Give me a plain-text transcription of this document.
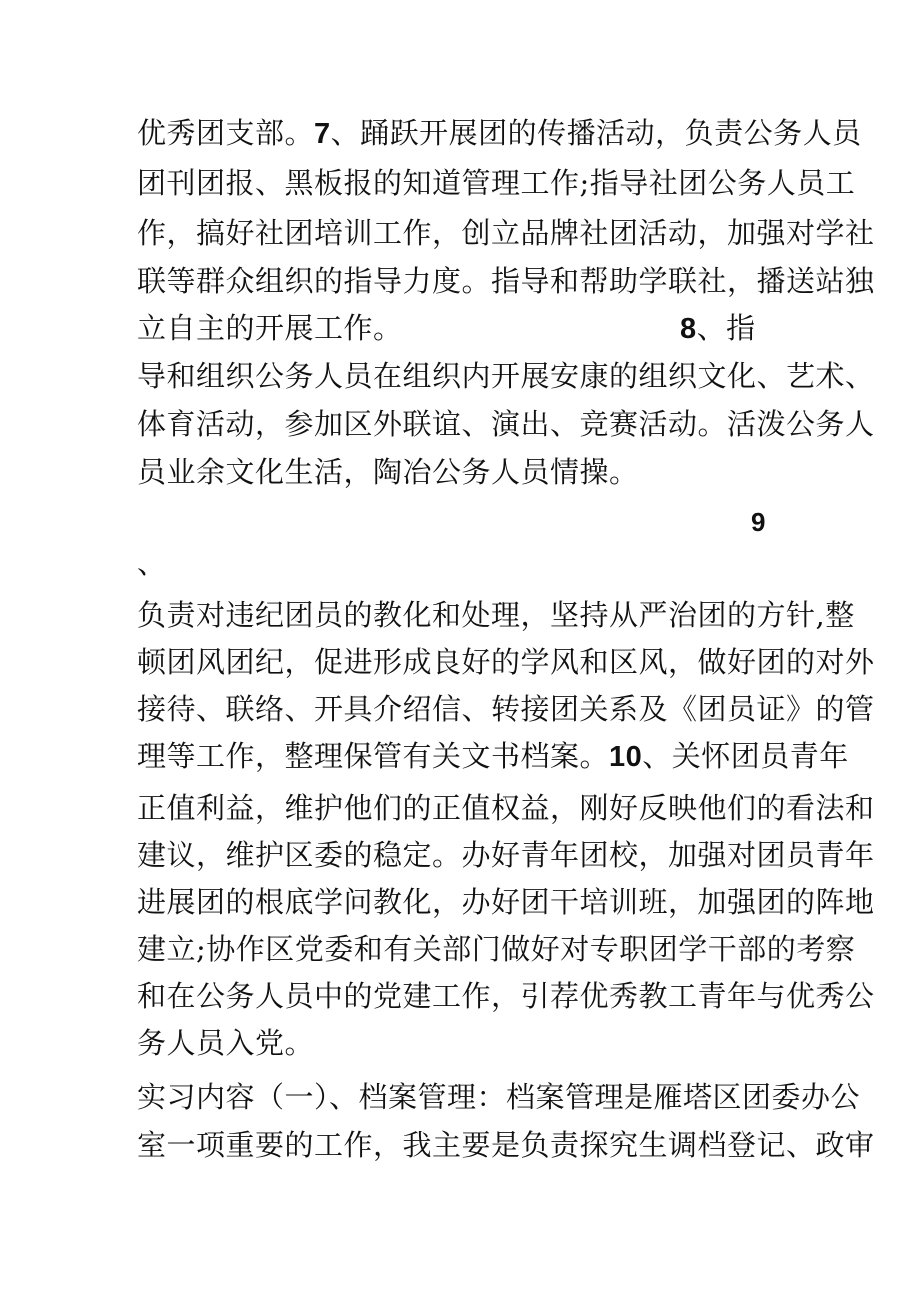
优秀团支部。7、踊跃开展团的传播活动，负责公务人员
团刊团报、黑板报的知道管理工作;指导社团公务人员工
作，搞好社团培训工作，创立品牌社团活动，加强对学社
联等群众组织的指导力度。指导和帮助学联社，播送站独
立自主的开展工作。	8、指
导和组织公务人员在组织内开展安康的组织文化、艺术、
体育活动，参加区外联谊、演出、竞赛活动。活泼公务人
员业余文化生活，陶冶公务人员情操。
9
、
负责对违纪团员的教化和处理，坚持从严治团的方针,整
顿团风团纪，促进形成良好的学风和区风，做好团的对外
接待、联络、开具介绍信、转接团关系及《团员证》的管
理等工作，整理保管有关文书档案。10、关怀团员青年
正值利益，维护他们的正值权益，刚好反映他们的看法和
建议，维护区委的稳定。办好青年团校，加强对团员青年
进展团的根底学问教化，办好团干培训班，加强团的阵地
建立;协作区党委和有关部门做好对专职团学干部的考察
和在公务人员中的党建工作，引荐优秀教工青年与优秀公
务人员入党。
实习内容（一）、档案管理：档案管理是雁塔区团委办公
室一项重要的工作，我主要是负责探究生调档登记、政审
